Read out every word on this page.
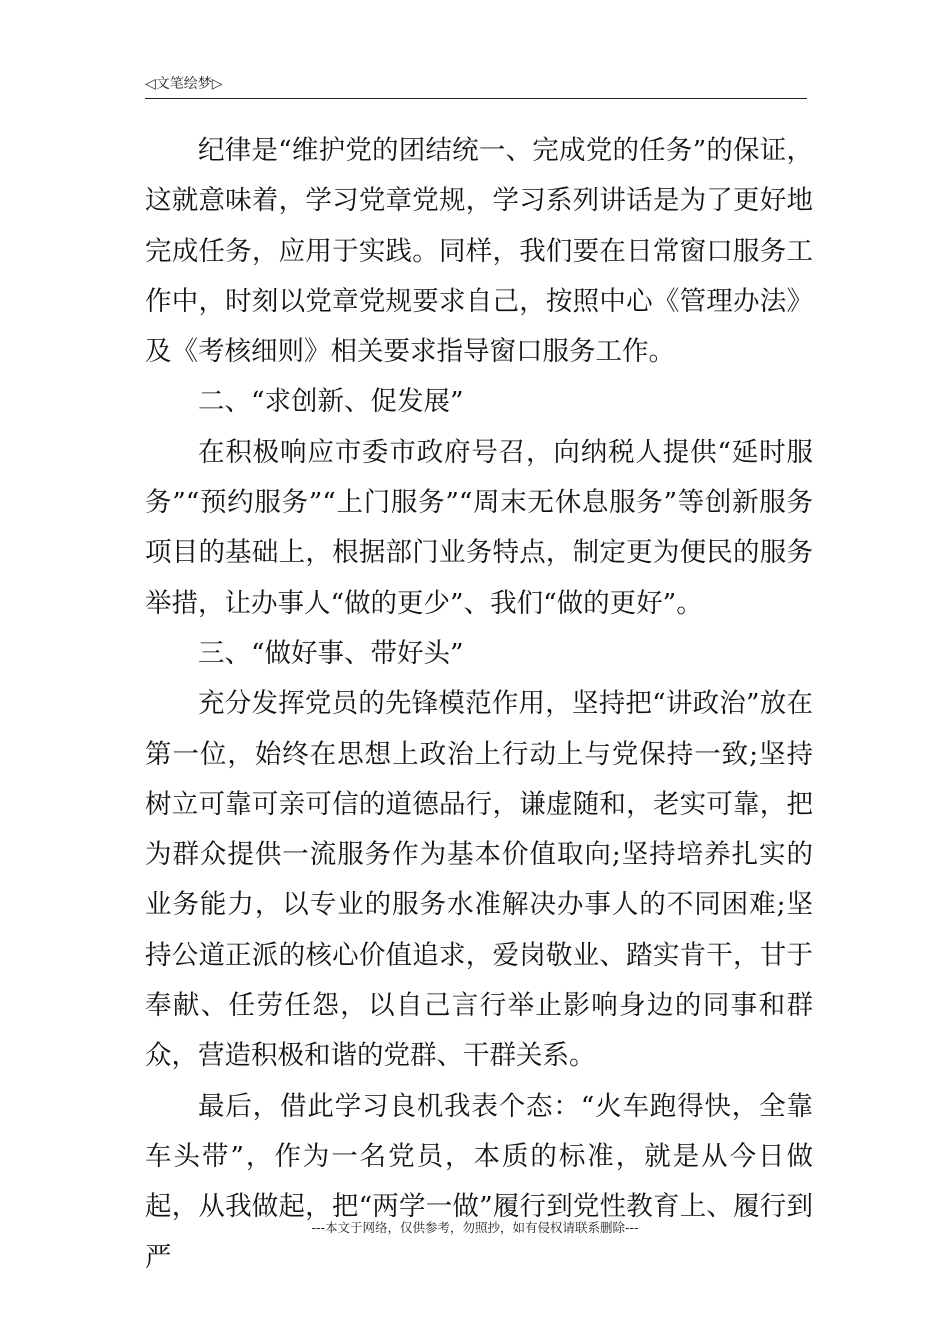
◁文笔绘梦▷

纪律是“维护党的团结统一、完成党的任务”的保证，这就意味着，学习党章党规，学习系列讲话是为了更好地完成任务，应用于实践。同样，我们要在日常窗口服务工作中，时刻以党章党规要求自己，按照中心《管理办法》及《考核细则》相关要求指导窗口服务工作。

二、“求创新、促发展”

在积极响应市委市政府号召，向纳税人提供“延时服务”“预约服务”“上门服务”“周末无休息服务”等创新服务项目的基础上，根据部门业务特点，制定更为便民的服务举措，让办事人“做的更少”、我们“做的更好”。

三、“做好事、带好头”

充分发挥党员的先锋模范作用，坚持把“讲政治”放在第一位，始终在思想上政治上行动上与党保持一致;坚持树立可靠可亲可信的道德品行，谦虚随和，老实可靠，把为群众提供一流服务作为基本价值取向;坚持培养扎实的业务能力，以专业的服务水准解决办事人的不同困难;坚持公道正派的核心价值追求，爱岗敬业、踏实肯干，甘于奉献、任劳任怨，以自己言行举止影响身边的同事和群众，营造积极和谐的党群、干群关系。

最后，借此学习良机我表个态：“火车跑得快，全靠车头带”，作为一名党员，本质的标准，就是从今日做起，从我做起，把“两学一做”履行到党性教育上、履行到严

---本文于网络，仅供参考，勿照抄，如有侵权请联系删除---
